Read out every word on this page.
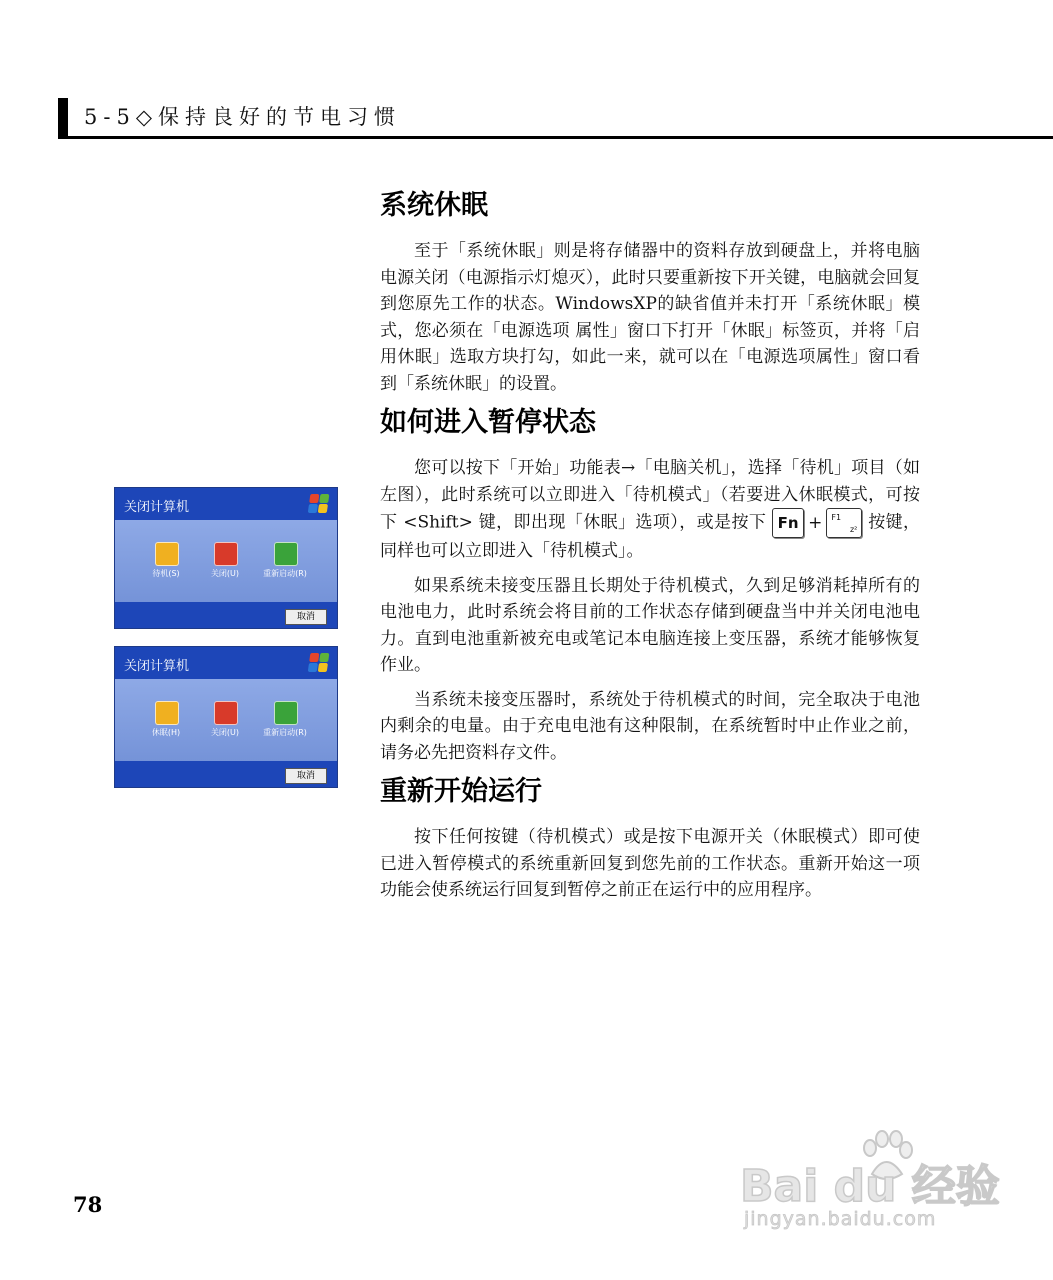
5-5◇保持良好的节电习惯
关闭计算机
待机(S)	关闭(U)	重新启动(R)
取消
关闭计算机
休眠(H)	关闭(U)	重新启动(R)
取消
系统休眠

至于「系统休眠」则是将存储器中的资料存放到硬盘上，并将电脑电源关闭（电源指示灯熄灭），此时只要重新按下开关键，电脑就会回复到您原先工作的状态。WindowsXP的缺省值并未打开「系统休眠」模式，您必须在「电源选项 属性」窗口下打开「休眠」标签页，并将「启用休眠」选取方块打勾，如此一来，就可以在「电源选项属性」窗口看到「系统休眠」的设置。

如何进入暂停状态

您可以按下「开始」功能表→「电脑关机」，选择「待机」项目（如左图），此时系统可以立即进入「待机模式」（若要进入休眠模式，可按下 <Shift> 键，即出现「休眠」选项），或是按下 Fn + F1
z² 按键，同样也可以立即进入「待机模式」。

如果系统未接变压器且长期处于待机模式，久到足够消耗掉所有的电池电力，此时系统会将目前的工作状态存储到硬盘当中并关闭电池电力。直到电池重新被充电或笔记本电脑连接上变压器，系统才能够恢复作业。

当系统未接变压器时，系统处于待机模式的时间，完全取决于电池内剩余的电量。由于充电电池有这种限制，在系统暂时中止作业之前，请务必先把资料存文件。

重新开始运行

按下任何按键（待机模式）或是按下电源开关（休眠模式）即可使已进入暂停模式的系统重新回复到您先前的工作状态。重新开始这一项功能会使系统运行回复到暂停之前正在运行中的应用程序。

78	Bai du 经验
jingyan.baidu.com
